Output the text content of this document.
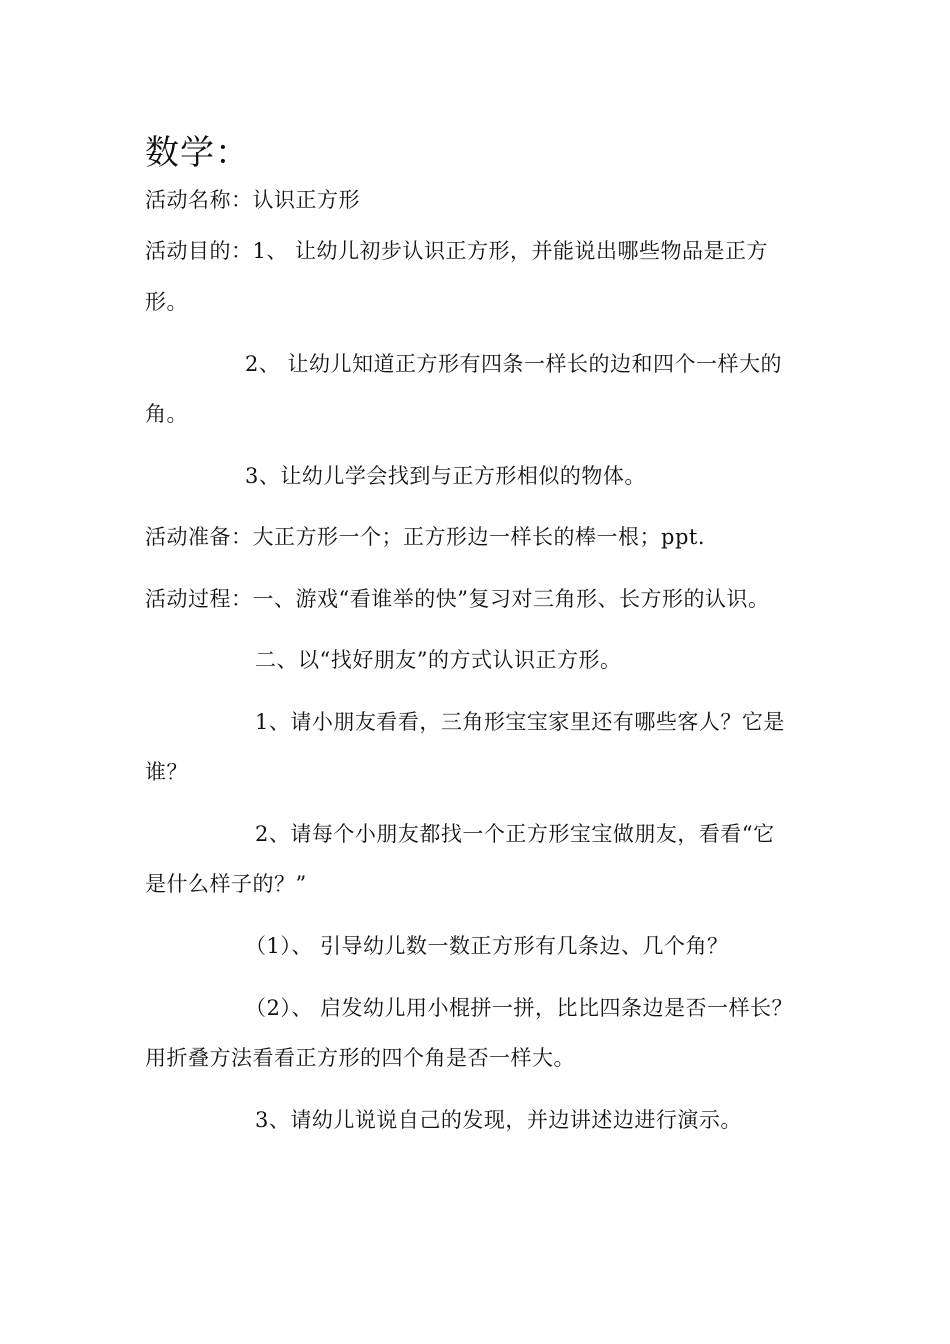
数学：
活动名称：认识正方形
活动目的：1、 让幼儿初步认识正方形，并能说出哪些物品是正方
形。
2、 让幼儿知道正方形有四条一样长的边和四个一样大的
角。
3、让幼儿学会找到与正方形相似的物体。
活动准备：大正方形一个；正方形边一样长的棒一根；ppt.
活动过程：一、游戏“看谁举的快”复习对三角形、长方形的认识。
二、以“找好朋友”的方式认识正方形。
1、请小朋友看看，三角形宝宝家里还有哪些客人？它是
谁？
2、请每个小朋友都找一个正方形宝宝做朋友，看看“它
是什么样子的？”
（1）、 引导幼儿数一数正方形有几条边、几个角？
（2）、 启发幼儿用小棍拼一拼，比比四条边是否一样长？
用折叠方法看看正方形的四个角是否一样大。
3、请幼儿说说自己的发现，并边讲述边进行演示。
